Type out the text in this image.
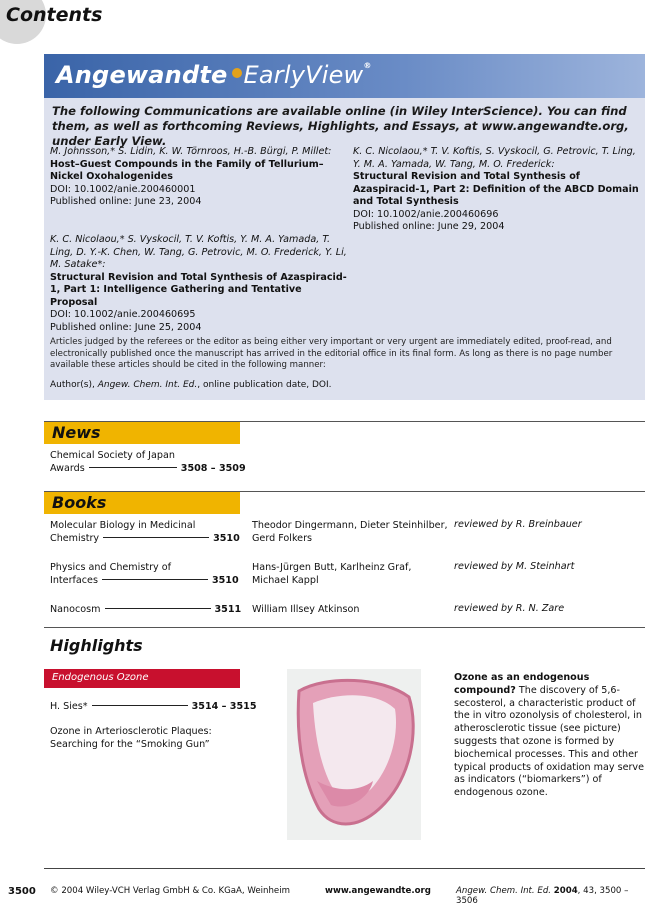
Contents
Angewandte EarlyView®
The following Communications are available online (in Wiley InterScience). You can find them, as well as forthcoming Reviews, Highlights, and Essays, at www.angewandte.org, under Early View.
M. Johnsson,* S. Lidin, K. W. Törnroos, H.-B. Bürgi, P. Millet:
Host–Guest Compounds in the Family of Tellurium–Nickel Oxohalogenides
DOI: 10.1002/anie.200460001
Published online: June 23, 2004
K. C. Nicolaou,* S. Vyskocil, T. V. Koftis, Y. M. A. Yamada, T. Ling, D. Y.-K. Chen, W. Tang, G. Petrovic, M. O. Frederick, Y. Li, M. Satake*:
Structural Revision and Total Synthesis of Azaspiracid-1, Part 1: Intelligence Gathering and Tentative Proposal
DOI: 10.1002/anie.200460695
Published online: June 25, 2004
K. C. Nicolaou,* T. V. Koftis, S. Vyskocil, G. Petrovic, T. Ling, Y. M. A. Yamada, W. Tang, M. O. Frederick:
Structural Revision and Total Synthesis of Azaspiracid-1, Part 2: Definition of the ABCD Domain and Total Synthesis
DOI: 10.1002/anie.200460696
Published online: June 29, 2004
Articles judged by the referees or the editor as being either very important or very urgent are immediately edited, proof-read, and electronically published once the manuscript has arrived in the editorial office in its final form. As long as there is no page number available these articles should be cited in the following manner:
Author(s), Angew. Chem. Int. Ed., online publication date, DOI.
News
Chemical Society of Japan
Awards	3508 – 3509
Books
Molecular Biology in Medicinal
Chemistry	3510
Theodor Dingermann, Dieter Steinhilber,
Gerd Folkers
reviewed by R. Breinbauer
Physics and Chemistry of
Interfaces	3510
Hans-Jürgen Butt, Karlheinz Graf,
Michael Kappl
reviewed by M. Steinhart
Nanocosm	3511 William Illsey Atkinson	reviewed by R. N. Zare
Highlights
Endogenous Ozone
H. Sies*	3514 – 3515
Ozone in Arteriosclerotic Plaques:
Searching for the “Smoking Gun”
Ozone as an endogenous compound? The discovery of 5,6-secosterol, a characteristic product of the in vitro ozonolysis of cholesterol, in atherosclerotic tissue (see picture) suggests that ozone is formed by biochemical processes. This and other typical products of oxidation may serve as indicators (“biomarkers”) of endogenous ozone.
3500 © 2004 Wiley-VCH Verlag GmbH & Co. KGaA, Weinheim	www.angewandte.org	Angew. Chem. Int. Ed. 2004, 43, 3500 – 3506
